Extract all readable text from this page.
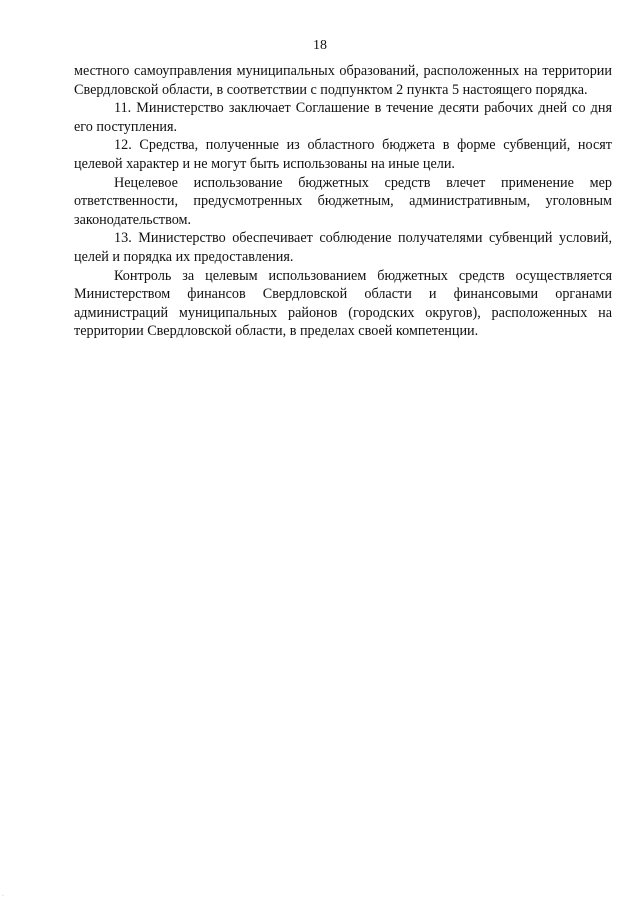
18

местного самоуправления муниципальных образований, расположенных на территории Свердловской области, в соответствии с подпунктом 2 пункта 5 настоящего порядка.

11. Министерство заключает Соглашение в течение десяти рабочих дней со дня его поступления.

12. Средства, полученные из областного бюджета в форме субвенций, носят целевой характер и не могут быть использованы на иные цели.

Нецелевое использование бюджетных средств влечет применение мер ответственности, предусмотренных бюджетным, административным, уголовным законодательством.

13. Министерство обеспечивает соблюдение получателями субвенций условий, целей и порядка их предоставления.

Контроль за целевым использованием бюджетных средств осуществляется Министерством финансов Свердловской области и финансовыми органами администраций муниципальных районов (городских округов), расположенных на территории Свердловской области, в пределах своей компетенции.

·
